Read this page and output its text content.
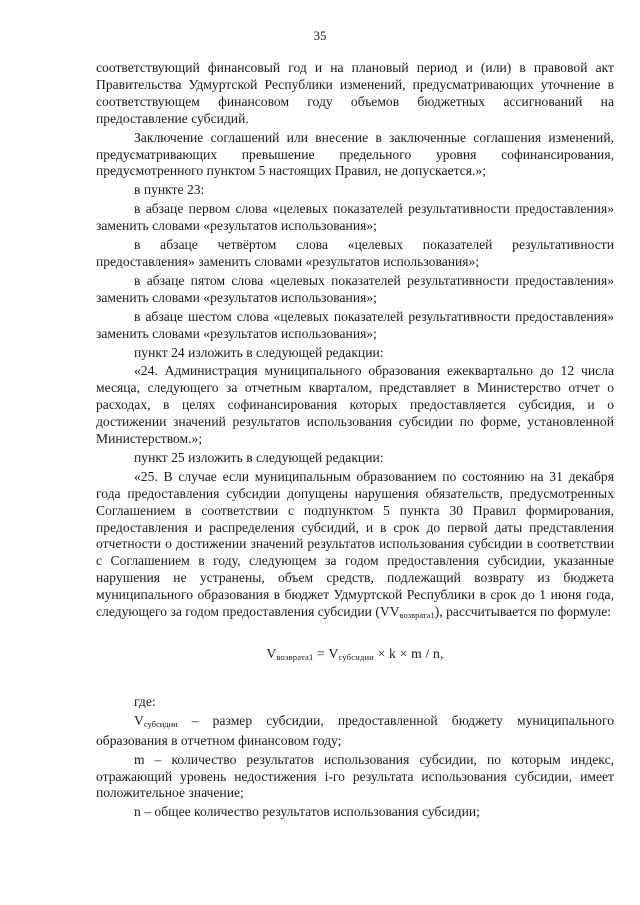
35

соответствующий финансовый год и на плановый период и (или) в правовой акт Правительства Удмуртской Республики изменений, предусматривающих уточнение в соответствующем финансовом году объемов бюджетных ассигнований на предоставление субсидий.

Заключение соглашений или внесение в заключенные соглашения изменений, предусматривающих превышение предельного уровня софинансирования, предусмотренного пунктом 5 настоящих Правил, не допускается.»;

в пункте 23:

в абзаце первом слова «целевых показателей результативности предоставления» заменить словами «результатов использования»;

в абзаце четвёртом слова «целевых показателей результативности предоставления» заменить словами «результатов использования»;

в абзаце пятом слова «целевых показателей результативности предоставления» заменить словами «результатов использования»;

в абзаце шестом слова «целевых показателей результативности предоставления» заменить словами «результатов использования»;

пункт 24 изложить в следующей редакции:

«24. Администрация муниципального образования ежеквартально до 12 числа месяца, следующего за отчетным кварталом, представляет в Министерство отчет о расходах, в целях софинансирования которых предоставляется субсидия, и о достижении значений результатов использования субсидии по форме, установленной Министерством.»;

пункт 25 изложить в следующей редакции:

«25. В случае если муниципальным образованием по состоянию на 31 декабря года предоставления субсидии допущены нарушения обязательств, предусмотренных Соглашением в соответствии с подпунктом 5 пункта 30 Правил формирования, предоставления и распределения субсидий, и в срок до первой даты представления отчетности о достижении значений результатов использования субсидии в соответствии с Соглашением в году, следующем за годом предоставления субсидии, указанные нарушения не устранены, объем средств, подлежащий возврату из бюджета муниципального образования в бюджет Удмуртской Республики в срок до 1 июня года, следующего за годом предоставления субсидии (V

$V_{возврата1}$), рассчитывается по формуле:

$V_{возврата1} = V_{субсидии} \times k \times m / n$,

где:

$V_{субсидии}$ – размер субсидии, предоставленной бюджету муниципального образования в отчетном финансовом году;

m – количество результатов использования субсидии, по которым индекс, отражающий уровень недостижения i-го результата использования субсидии, имеет положительное значение;

n – общее количество результатов использования субсидии;
